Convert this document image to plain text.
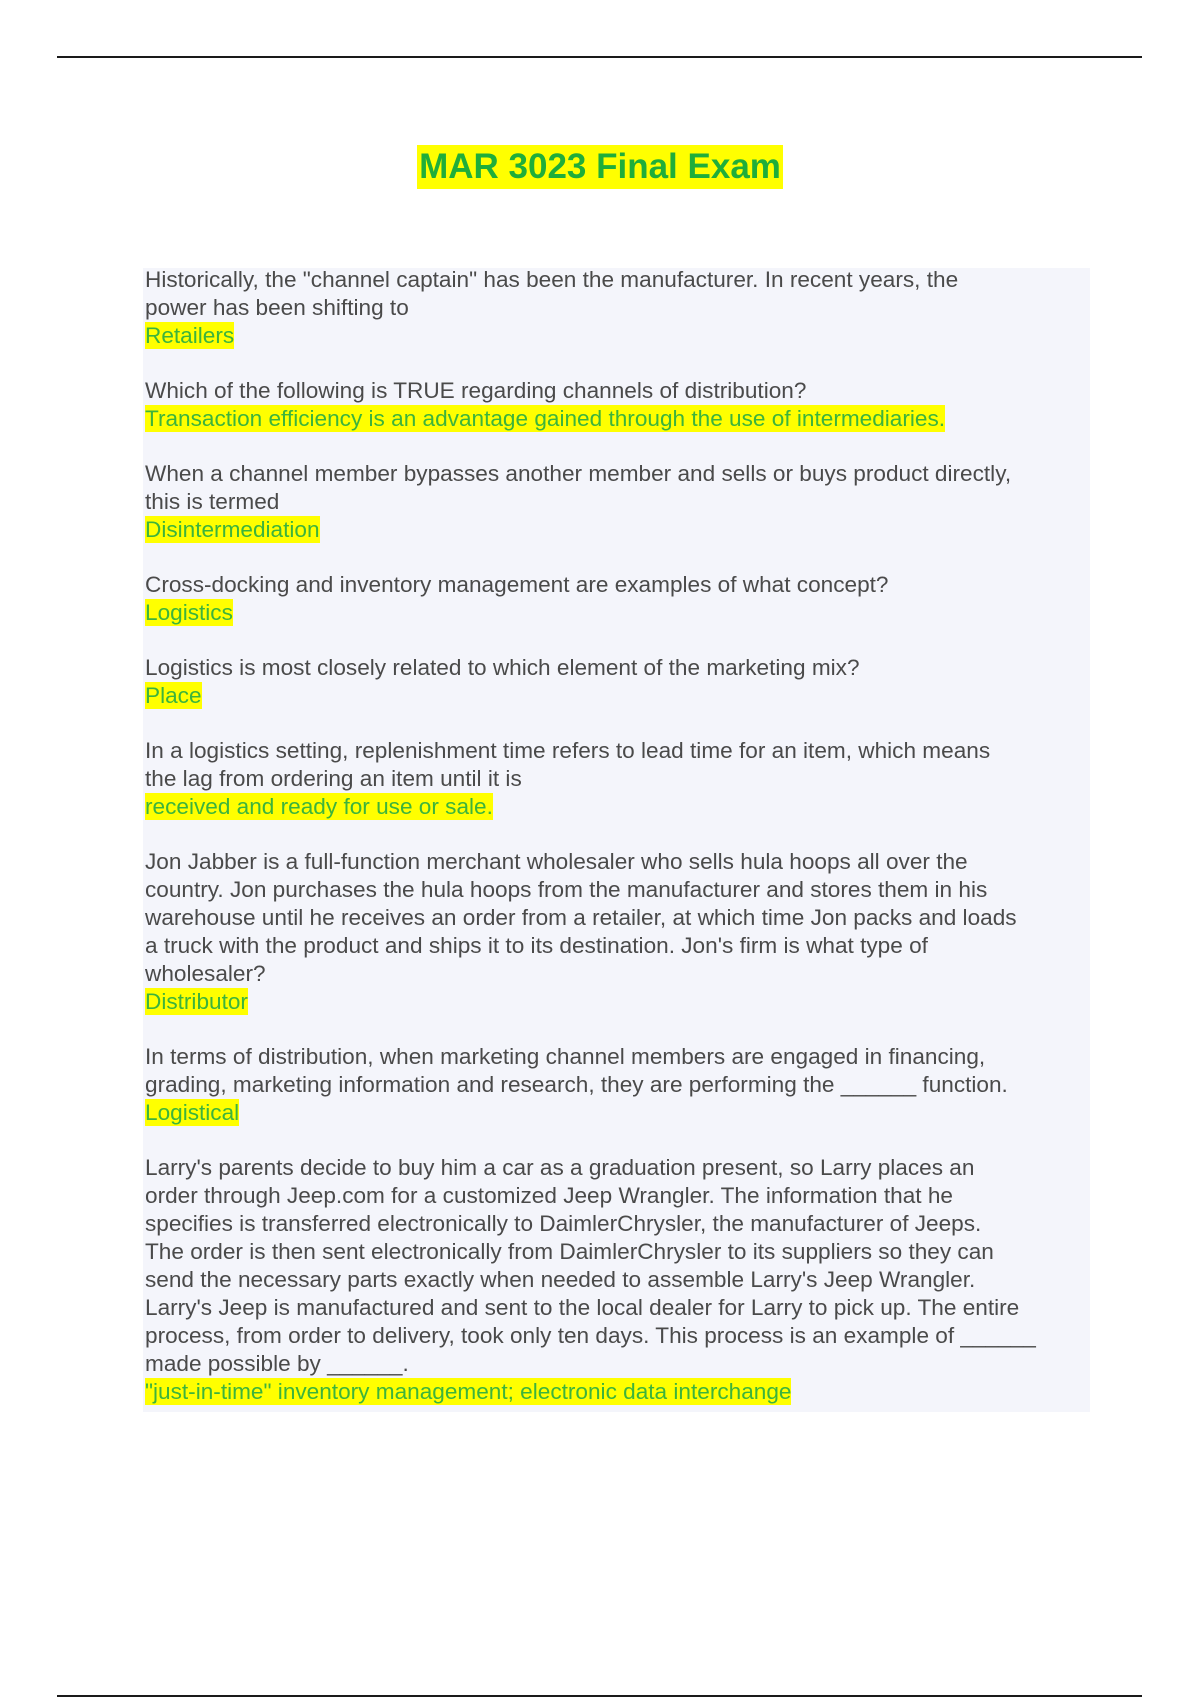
MAR 3023 Final Exam
Historically, the "channel captain" has been the manufacturer. In recent years, the
power has been shifting to
Retailers
Which of the following is TRUE regarding channels of distribution?
Transaction efficiency is an advantage gained through the use of intermediaries.
When a channel member bypasses another member and sells or buys product directly,
this is termed
Disintermediation
Cross-docking and inventory management are examples of what concept?
Logistics
Logistics is most closely related to which element of the marketing mix?
Place
In a logistics setting, replenishment time refers to lead time for an item, which means
the lag from ordering an item until it is
received and ready for use or sale.
Jon Jabber is a full-function merchant wholesaler who sells hula hoops all over the
country. Jon purchases the hula hoops from the manufacturer and stores them in his
warehouse until he receives an order from a retailer, at which time Jon packs and loads
a truck with the product and ships it to its destination. Jon's firm is what type of
wholesaler?
Distributor
In terms of distribution, when marketing channel members are engaged in financing,
grading, marketing information and research, they are performing the ______ function.
Logistical
Larry's parents decide to buy him a car as a graduation present, so Larry places an
order through Jeep.com for a customized Jeep Wrangler. The information that he
specifies is transferred electronically to DaimlerChrysler, the manufacturer of Jeeps.
The order is then sent electronically from DaimlerChrysler to its suppliers so they can
send the necessary parts exactly when needed to assemble Larry's Jeep Wrangler.
Larry's Jeep is manufactured and sent to the local dealer for Larry to pick up. The entire
process, from order to delivery, took only ten days. This process is an example of ______
made possible by ______.
"just-in-time" inventory management; electronic data interchange
